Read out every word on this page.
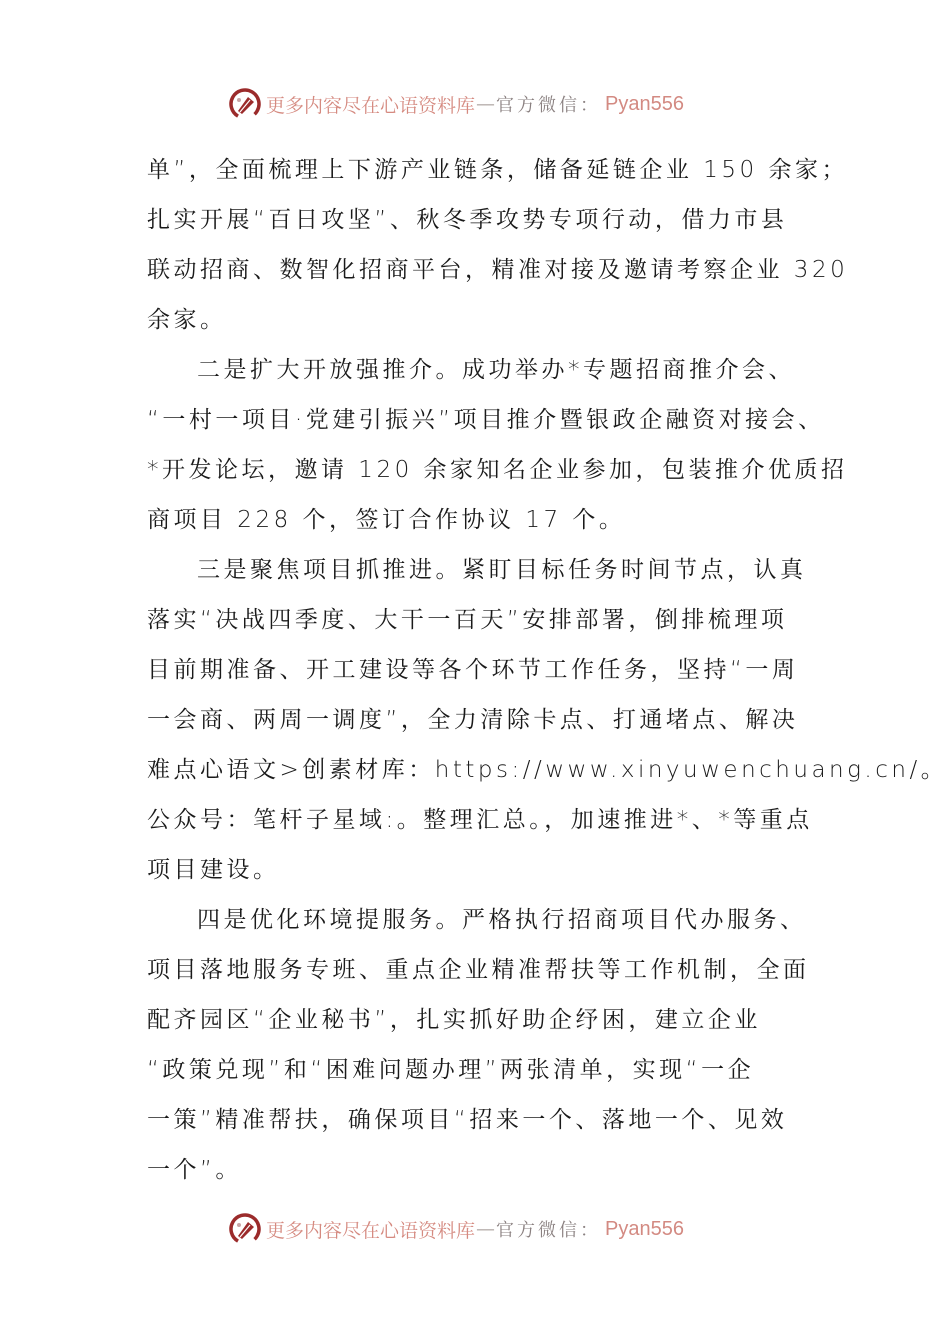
更多内容尽在心语资料库 — 官方微信： Pyan556
单”，全面梳理上下游产业链条，储备延链企业 150 余家；
扎实开展“百日攻坚”、秋冬季攻势专项行动，借力市县
联动招商、数智化招商平台，精准对接及邀请考察企业 320
余家。
二是扩大开放强推介。成功举办*专题招商推介会、
“一村一项目·党建引振兴”项目推介暨银政企融资对接会、
*开发论坛，邀请 120 余家知名企业参加，包装推介优质招
商项目 228 个，签订合作协议 17 个。
三是聚焦项目抓推进。紧盯目标任务时间节点，认真
落实“决战四季度、大干一百天”安排部署，倒排梳理项
目前期准备、开工建设等各个环节工作任务，坚持“一周
一会商、两周一调度”，全力清除卡点、打通堵点、解决
难点心语文>创素材库：https://www.xinyuwenchuang.cn/。
公众号：笔杆子星域:。整理汇总。，加速推进*、*等重点
项目建设。
四是优化环境提服务。严格执行招商项目代办服务、
项目落地服务专班、重点企业精准帮扶等工作机制，全面
配齐园区“企业秘书”，扎实抓好助企纾困，建立企业
“政策兑现”和“困难问题办理”两张清单，实现“一企
一策”精准帮扶，确保项目“招来一个、落地一个、见效
一个”。
更多内容尽在心语资料库 — 官方微信： Pyan556
